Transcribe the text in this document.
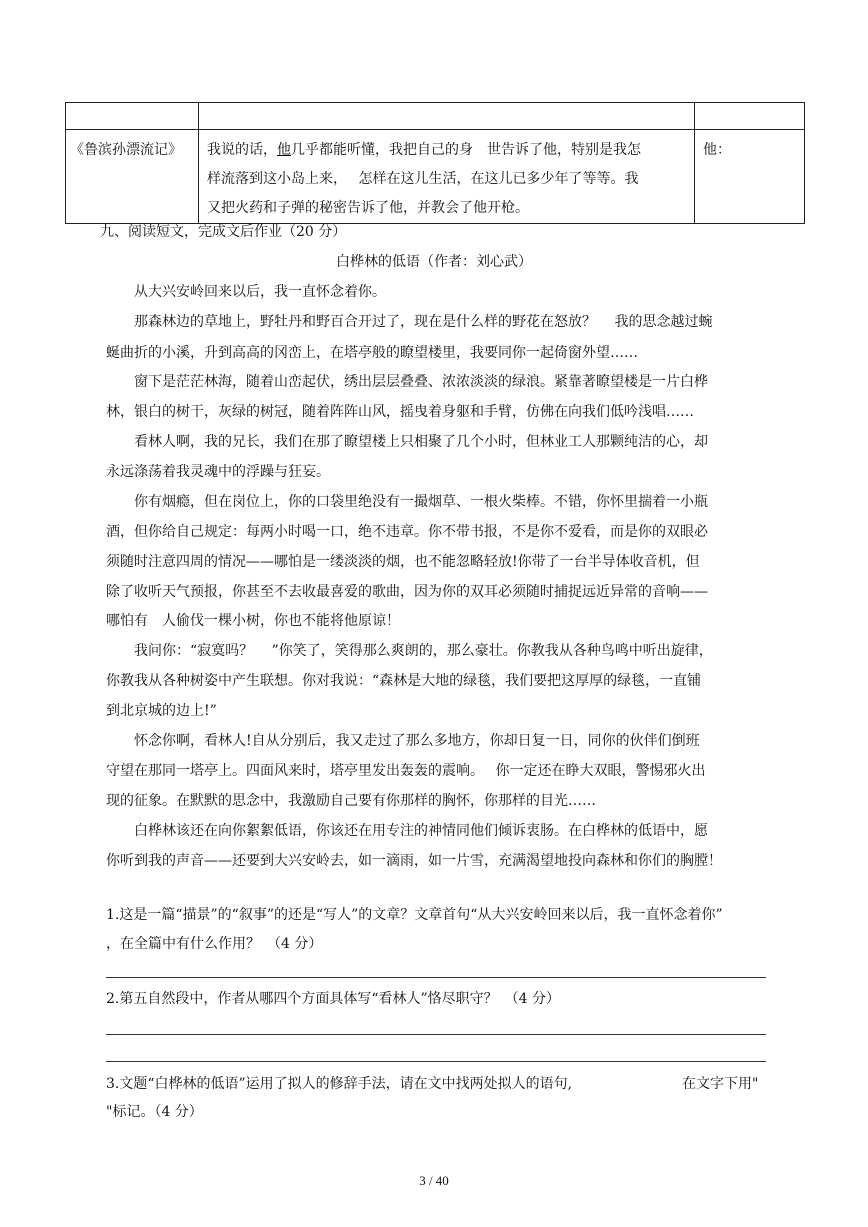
《鲁滨孙漂流记》	我说的话，他几乎都能听懂，我把自己的身　世告诉了他，特别是我怎
样流落到这小岛上来，　 怎样在这儿生活，在这儿已多少年了等等。我
又把火药和子弹的秘密告诉了他，并教会了他开枪。	他：
九、阅读短文，完成文后作业（20 分）
白桦林的低语（作者：刘心武）
从大兴安岭回来以后，我一直怀念着你。
那森林边的草地上，野牡丹和野百合开过了，现在是什么样的野花在怒放？　 我的思念越过蜿
蜒曲折的小溪，升到高高的冈峦上，在塔亭般的瞭望楼里，我要同你一起倚窗外望……
窗下是茫茫林海，随着山峦起伏，绣出层层叠叠、浓浓淡淡的绿浪。紧靠著瞭望楼是一片白桦
林，银白的树干，灰绿的树冠，随着阵阵山风，摇曳着身躯和手臂，仿佛在向我们低吟浅唱……
看林人啊，我的兄长，我们在那了瞭望楼上只相聚了几个小时，但林业工人那颗纯洁的心，却
永远涤荡着我灵魂中的浮躁与狂妄。
你有烟瘾，但在岗位上，你的口袋里绝没有一撮烟草、一根火柴棒。不错，你怀里揣着一小瓶
酒，但你给自己规定：每两小时喝一口，绝不违章。你不带书报，不是你不爱看，而是你的双眼必
须随时注意四周的情况——哪怕是一缕淡淡的烟，也不能忽略轻放!你带了一台半导体收音机，但
除了收听天气预报，你甚至不去收最喜爱的歌曲，因为你的双耳必须随时捕捉远近异常的音响——
哪怕有　人偷伐一棵小树，你也不能将他原谅！
我问你：“寂寞吗？　 ”你笑了，笑得那么爽朗的，那么豪壮。你教我从各种鸟鸣中听出旋律，
你教我从各种树姿中产生联想。你对我说：“森林是大地的绿毯，我们要把这厚厚的绿毯，一直铺
到北京城的边上!”
怀念你啊，看林人!自从分别后，我又走过了那么多地方，你却日复一日，同你的伙伴们倒班
守望在那同一塔亭上。四面风来时，塔亭里发出轰轰的震响。　 你一定还在睁大双眼，警惕邪火出
现的征象。在默默的思念中，我激励自己要有你那样的胸怀，你那样的目光……
白桦林该还在向你絮絮低语，你该还在用专注的神情同他们倾诉衷肠。在白桦林的低语中，愿
你听到我的声音——还要到大兴安岭去，如一滴雨，如一片雪，充满渴望地投向森林和你们的胸膛！
1.这是一篇“描景”的“叙事”的还是“写人”的文章？文章首句“从大兴安岭回来以后，我一直怀念着你”
，在全篇中有什么作用？　（4 分）
2.第五自然段中，作者从哪四个方面具体写“看林人”恪尽职守？　（4 分）
3.文题“白桦林的低语”运用了拟人的修辞手法，请在文中找两处拟人的语句,	在文字下用"
"标记。（4 分）
3 / 40
